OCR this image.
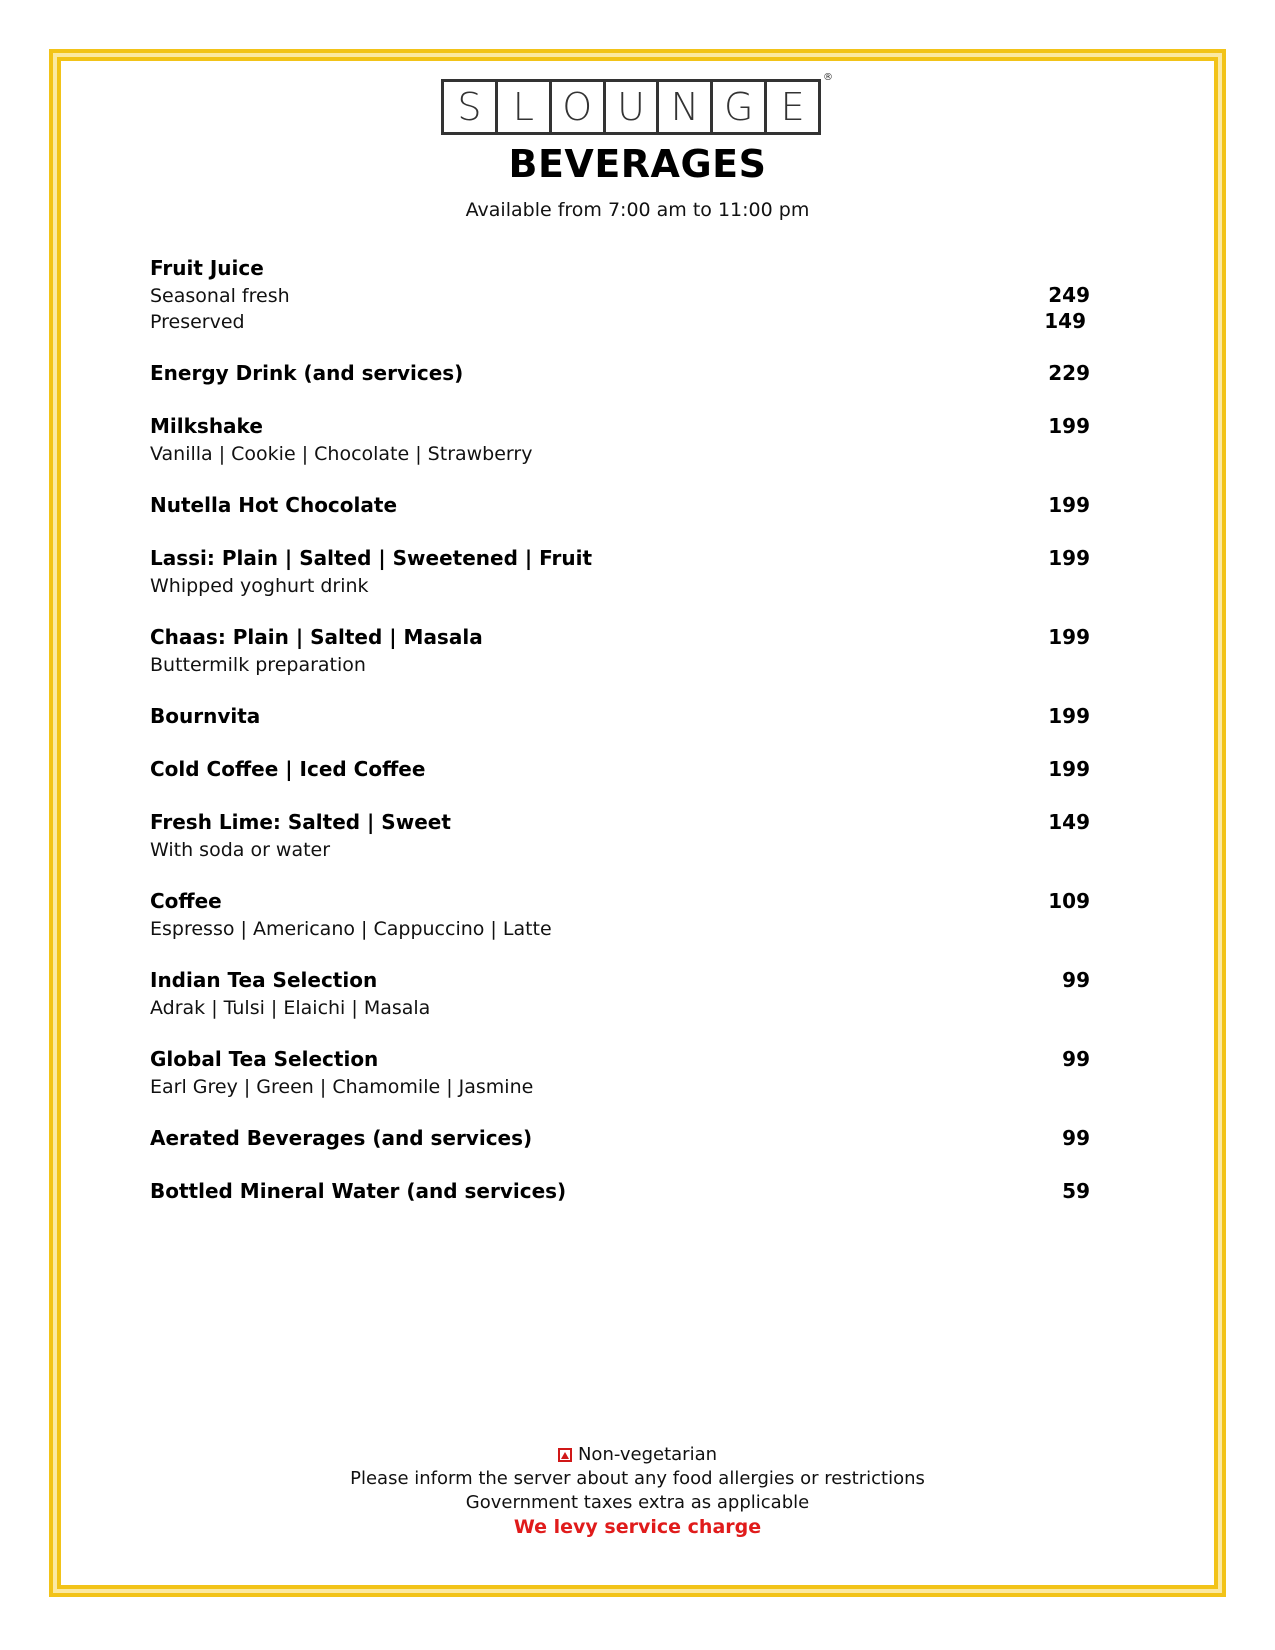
S L O U N G E
®
BEVERAGES
Available from 7:00 am to 11:00 pm
Fruit Juice
Seasonal fresh	249
Preserved	149
Energy Drink (and services)	229
Milkshake	199
Vanilla | Cookie | Chocolate | Strawberry
Nutella Hot Chocolate	199
Lassi: Plain | Salted | Sweetened | Fruit	199
Whipped yoghurt drink
Chaas: Plain | Salted | Masala	199
Buttermilk preparation
Bournvita	199
Cold Coffee | Iced Coffee	199
Fresh Lime: Salted | Sweet	149
With soda or water
Coffee	109
Espresso | Americano | Cappuccino | Latte
Indian Tea Selection	99
Adrak | Tulsi | Elaichi | Masala
Global Tea Selection	99
Earl Grey | Green | Chamomile | Jasmine
Aerated Beverages (and services)	99
Bottled Mineral Water (and services)	59
Non-vegetarian
Please inform the server about any food allergies or restrictions
Government taxes extra as applicable
We levy service charge
